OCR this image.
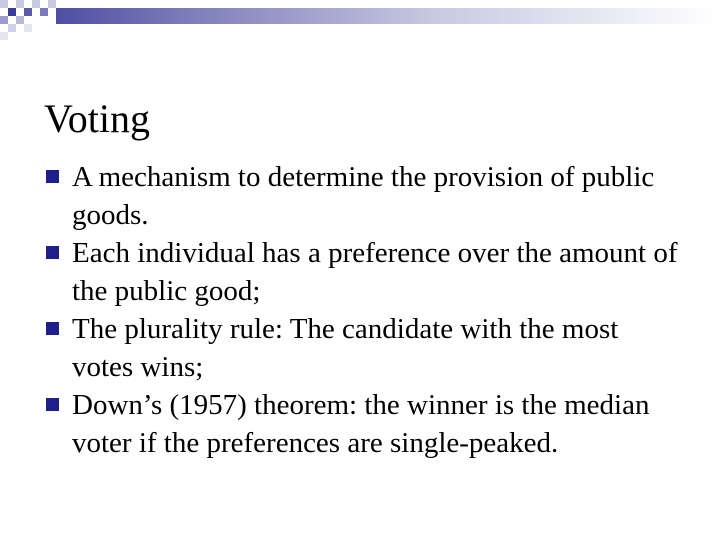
Voting
A mechanism to determine the provision of public goods.
Each individual has a preference over the amount of the public good;
The plurality rule: The candidate with the most votes wins;
Down’s (1957) theorem: the winner is the median voter if the preferences are single-peaked.
